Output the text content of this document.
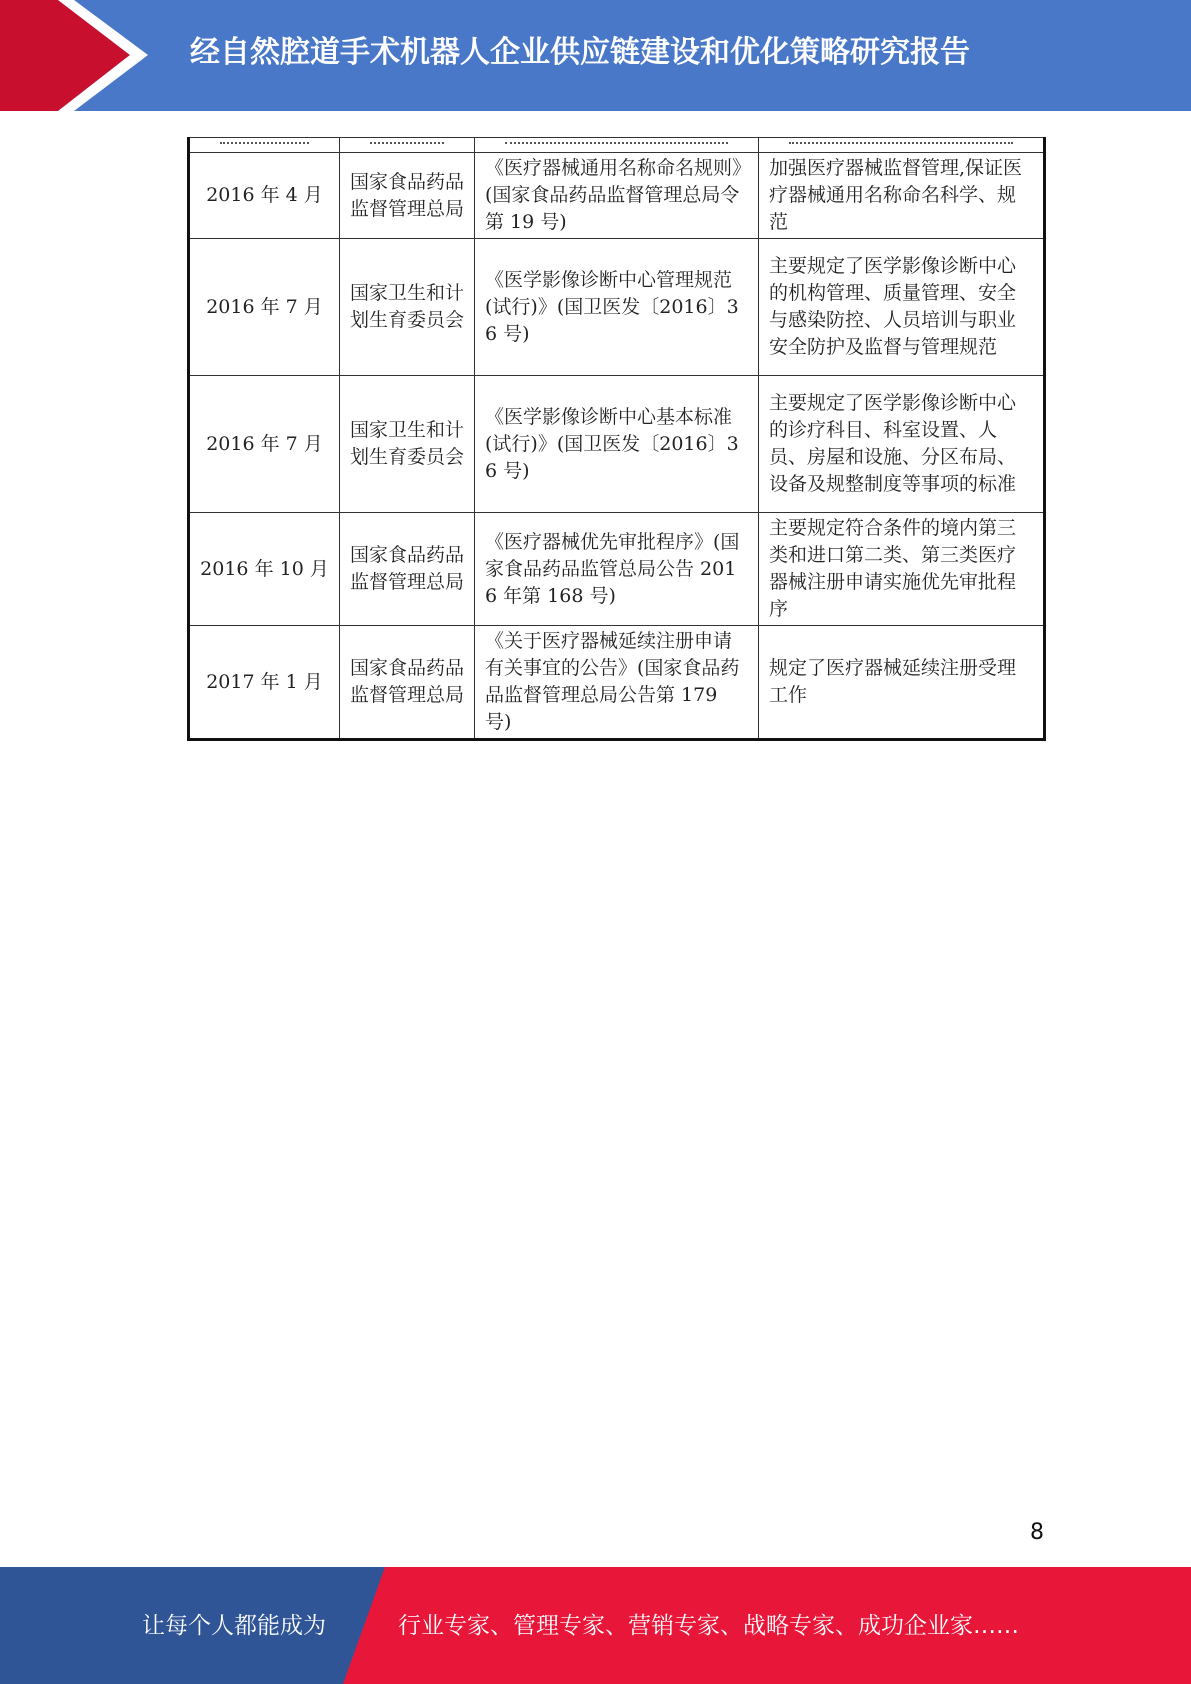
经自然腔道手术机器人企业供应链建设和优化策略研究报告

2016 年 4 月	国家食品药品监督管理总局	《医疗器械通用名称命名规则》(国家食品药品监督管理总局令第 19 号)	加强医疗器械监督管理,保证医疗器械通用名称命名科学、规范
2016 年 7 月	国家卫生和计划生育委员会	《医学影像诊断中心管理规范(试行)》(国卫医发〔2016〕36 号)	主要规定了医学影像诊断中心的机构管理、质量管理、安全与感染防控、人员培训与职业安全防护及监督与管理规范
2016 年 7 月	国家卫生和计划生育委员会	《医学影像诊断中心基本标准(试行)》(国卫医发〔2016〕36 号)	主要规定了医学影像诊断中心的诊疗科目、科室设置、人员、房屋和设施、分区布局、设备及规整制度等事项的标准
2016 年 10 月	国家食品药品监督管理总局	《医疗器械优先审批程序》(国家食品药品监管总局公告 2016 年第 168 号)	主要规定符合条件的境内第三类和进口第二类、第三类医疗器械注册申请实施优先审批程序
2017 年 1 月	国家食品药品监督管理总局	《关于医疗器械延续注册申请有关事宜的公告》(国家食品药品监督管理总局公告第 179 号)	规定了医疗器械延续注册受理工作
8
让每个人都能成为	行业专家、管理专家、营销专家、战略专家、成功企业家……
